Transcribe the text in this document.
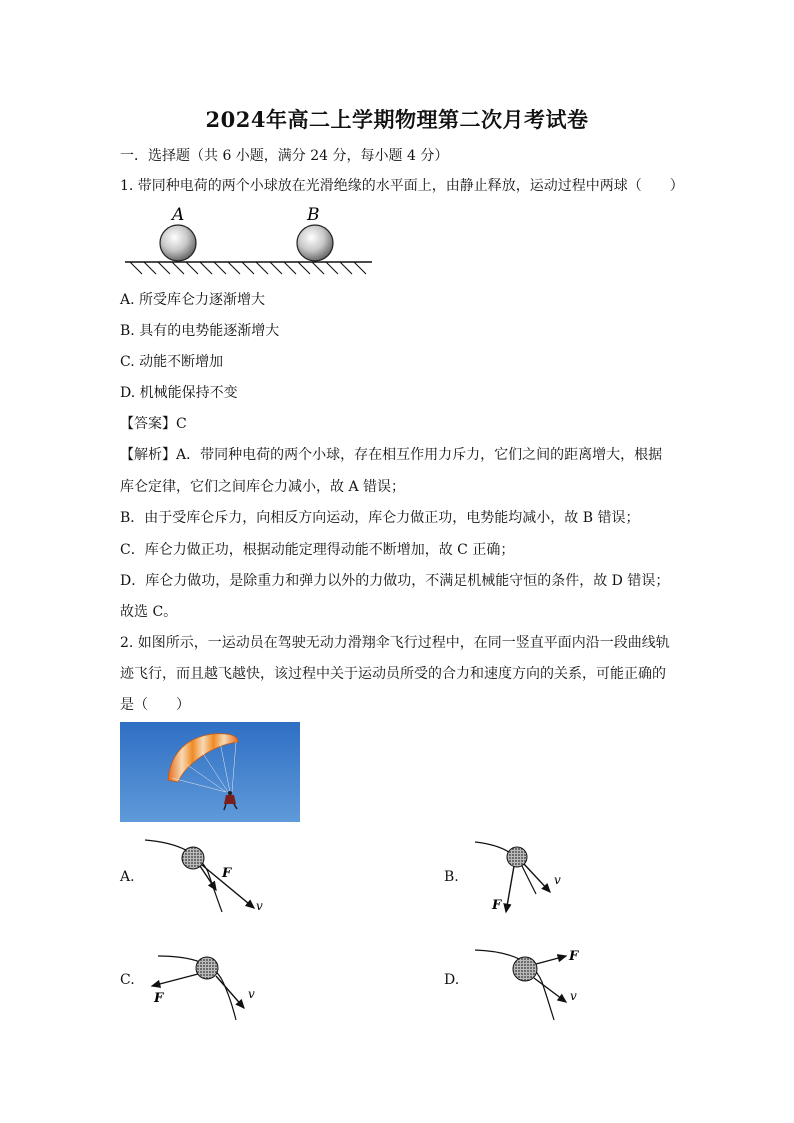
2024年高二上学期物理第二次月考试卷
一．选择题（共 6 小题，满分 24 分，每小题 4 分）
1. 带同种电荷的两个小球放在光滑绝缘的水平面上，由静止释放，运动过程中两球（　　）
A	B
A. 所受库仑力逐渐增大
B. 具有的电势能逐渐增大
C. 动能不断增加
D. 机械能保持不变
【答案】C
【解析】A．带同种电荷的两个小球，存在相互作用力斥力，它们之间的距离增大，根据
库仑定律，它们之间库仑力减小，故 A 错误；
B．由于受库仑斥力，向相反方向运动，库仑力做正功，电势能均减小，故 B 错误；
C．库仑力做正功，根据动能定理得动能不断增加，故 C 正确；
D．库仑力做功，是除重力和弹力以外的力做功，不满足机械能守恒的条件，故 D 错误；
故选 C。
2. 如图所示，一运动员在驾驶无动力滑翔伞飞行过程中，在同一竖直平面内沿一段曲线轨
迹飞行，而且越飞越快，该过程中关于运动员所受的合力和速度方向的关系，可能正确的
是（　　）
A.	F
v
B.
F
v
C.
F	v
D.
F
v
